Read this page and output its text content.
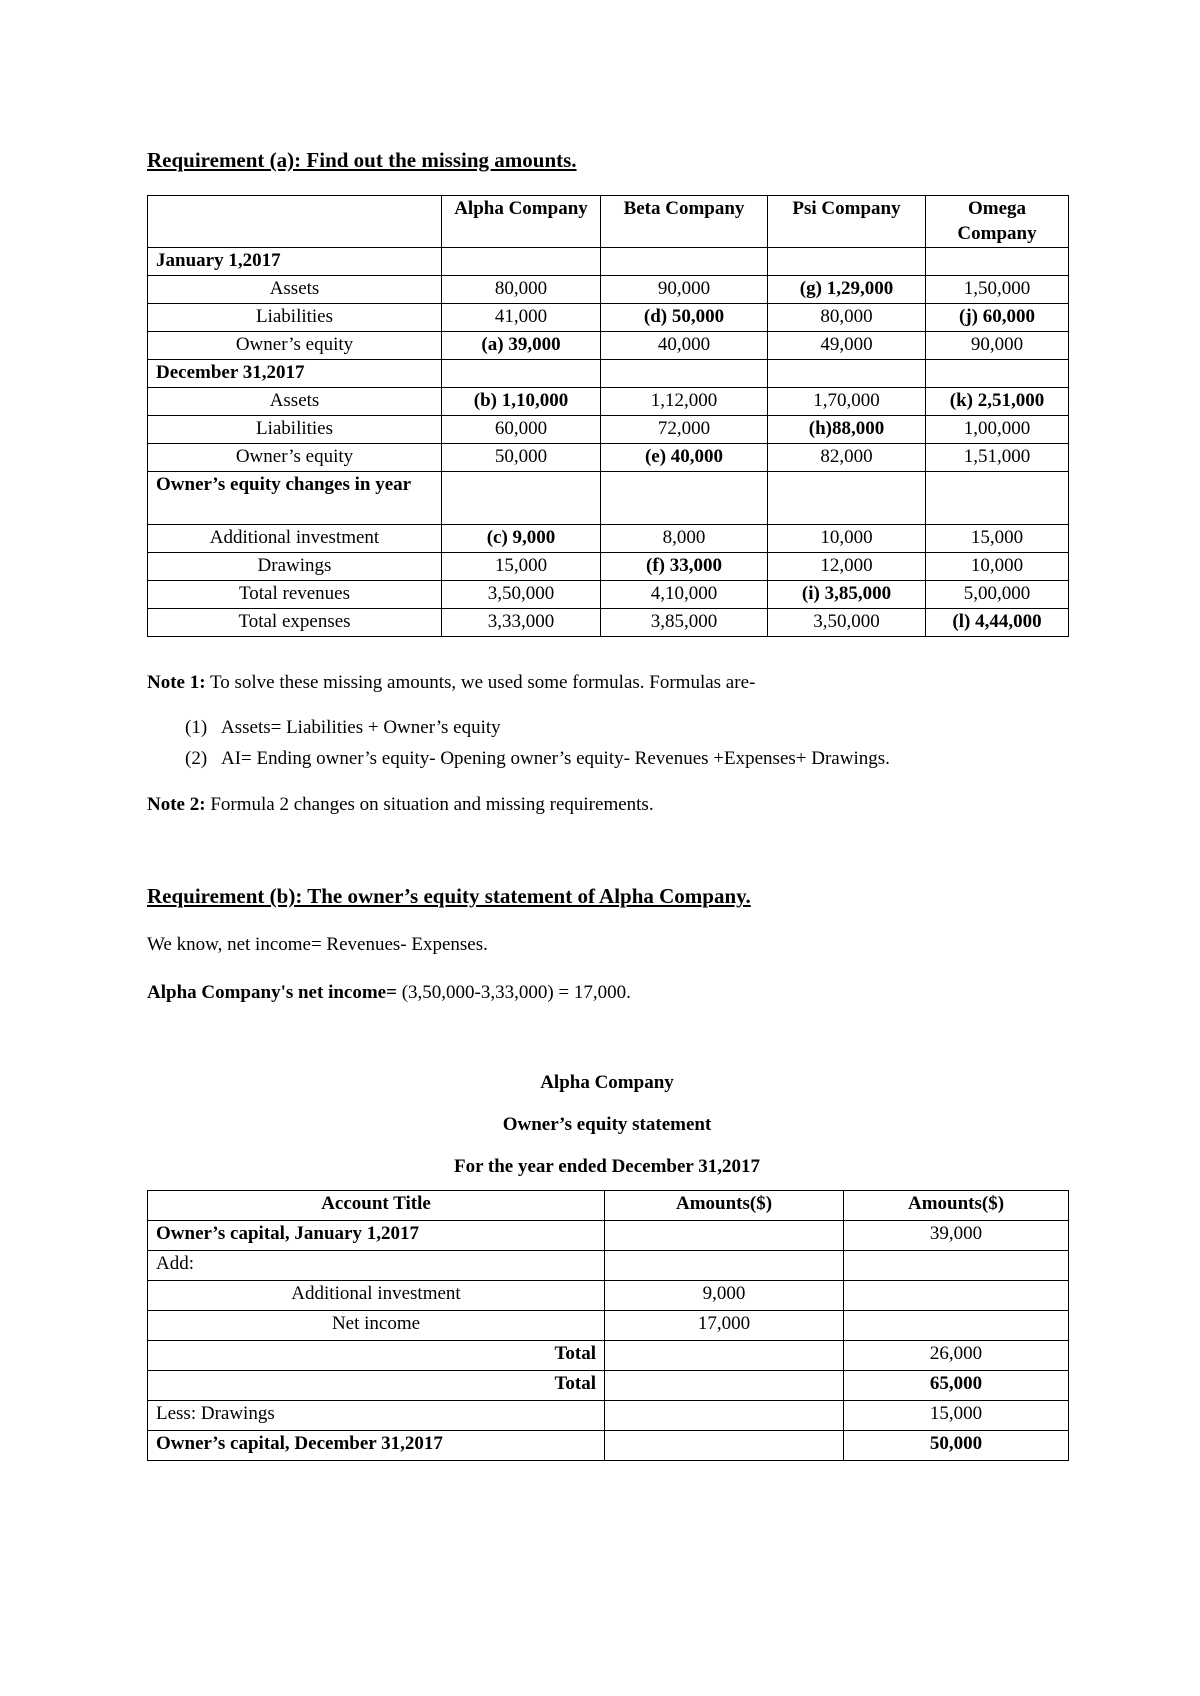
Requirement (a): Find out the missing amounts.
	Alpha Company	Beta Company	Psi Company	Omega Company
January 1,2017				
Assets	80,000	90,000	(g) 1,29,000	1,50,000
Liabilities	41,000	(d) 50,000	80,000	(j) 60,000
Owner’s equity	(a) 39,000	40,000	49,000	90,000
December 31,2017				
Assets	(b) 1,10,000	1,12,000	1,70,000	(k) 2,51,000
Liabilities	60,000	72,000	(h)88,000	1,00,000
Owner’s equity	50,000	(e) 40,000	82,000	1,51,000
Owner’s equity changes in year				
Additional investment	(c) 9,000	8,000	10,000	15,000
Drawings	15,000	(f) 33,000	12,000	10,000
Total revenues	3,50,000	4,10,000	(i) 3,85,000	5,00,000
Total expenses	3,33,000	3,85,000	3,50,000	(l) 4,44,000
Note 1: To solve these missing amounts, we used some formulas. Formulas are-
(1) Assets= Liabilities + Owner’s equity
(2) AI= Ending owner’s equity- Opening owner’s equity- Revenues +Expenses+ Drawings.
Note 2: Formula 2 changes on situation and missing requirements.
Requirement (b): The owner’s equity statement of Alpha Company.
We know, net income= Revenues- Expenses.
Alpha Company's net income= (3,50,000-3,33,000) = 17,000.
Alpha Company
Owner’s equity statement
For the year ended December 31,2017
Account Title	Amounts($)	Amounts($)
Owner’s capital, January 1,2017		39,000
Add:		
Additional investment	9,000	
Net income	17,000	
Total		26,000
Total		65,000
Less: Drawings		15,000
Owner’s capital, December 31,2017		50,000
